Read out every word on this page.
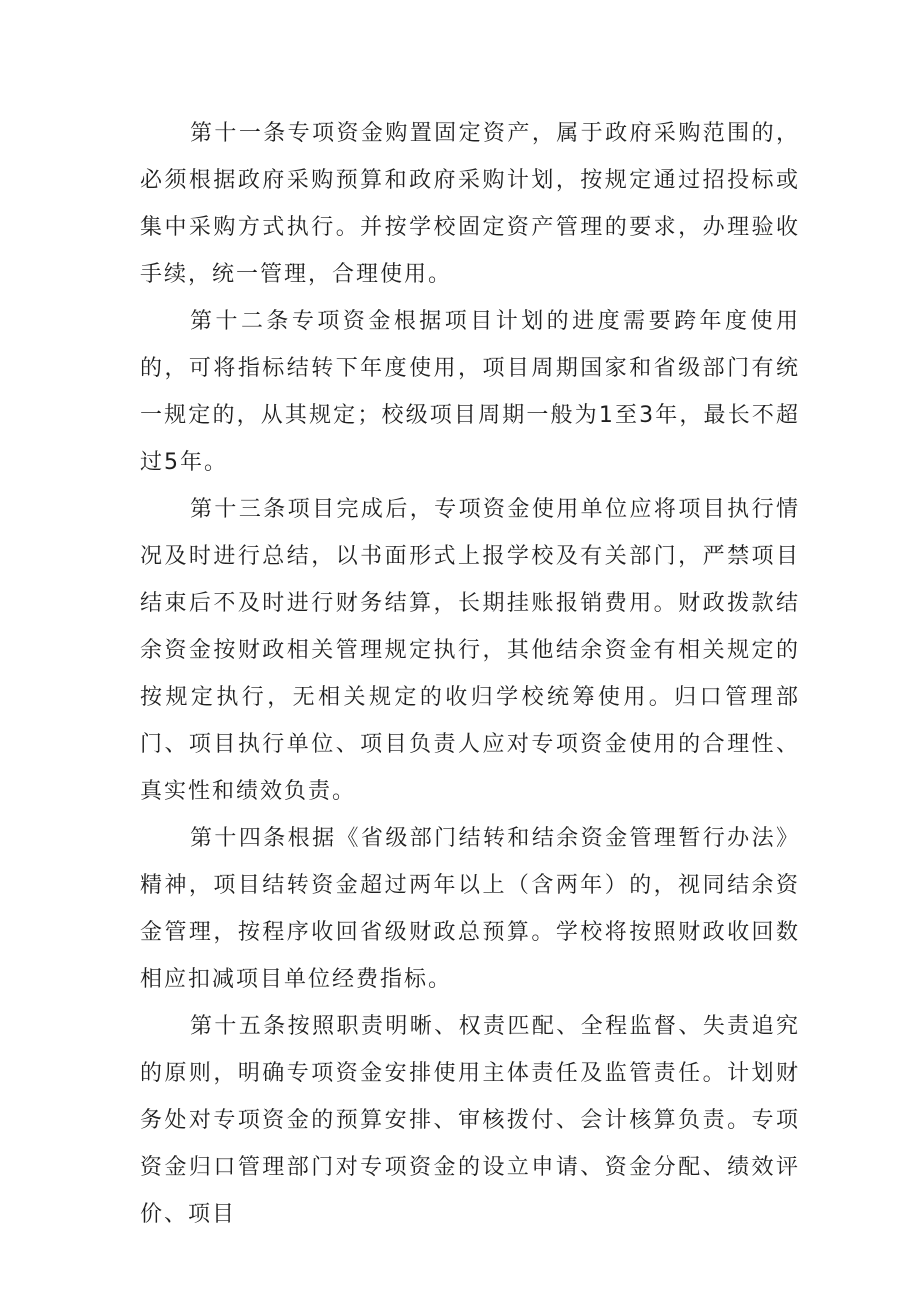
第十一条专项资金购置固定资产，属于政府采购范围的，必须根据政府采购预算和政府采购计划，按规定通过招投标或集中采购方式执行。并按学校固定资产管理的要求，办理验收手续，统一管理，合理使用。

第十二条专项资金根据项目计划的进度需要跨年度使用的，可将指标结转下年度使用，项目周期国家和省级部门有统一规定的，从其规定；校级项目周期一般为1至3年，最长不超过5年。

第十三条项目完成后，专项资金使用单位应将项目执行情况及时进行总结，以书面形式上报学校及有关部门，严禁项目结束后不及时进行财务结算，长期挂账报销费用。财政拨款结余资金按财政相关管理规定执行，其他结余资金有相关规定的按规定执行，无相关规定的收归学校统筹使用。归口管理部门、项目执行单位、项目负责人应对专项资金使用的合理性、真实性和绩效负责。

第十四条根据《省级部门结转和结余资金管理暂行办法》精神，项目结转资金超过两年以上（含两年）的，视同结余资金管理，按程序收回省级财政总预算。学校将按照财政收回数相应扣减项目单位经费指标。

第十五条按照职责明晰、权责匹配、全程监督、失责追究的原则，明确专项资金安排使用主体责任及监管责任。计划财务处对专项资金的预算安排、审核拨付、会计核算负责。专项资金归口管理部门对专项资金的设立申请、资金分配、绩效评价、项目
